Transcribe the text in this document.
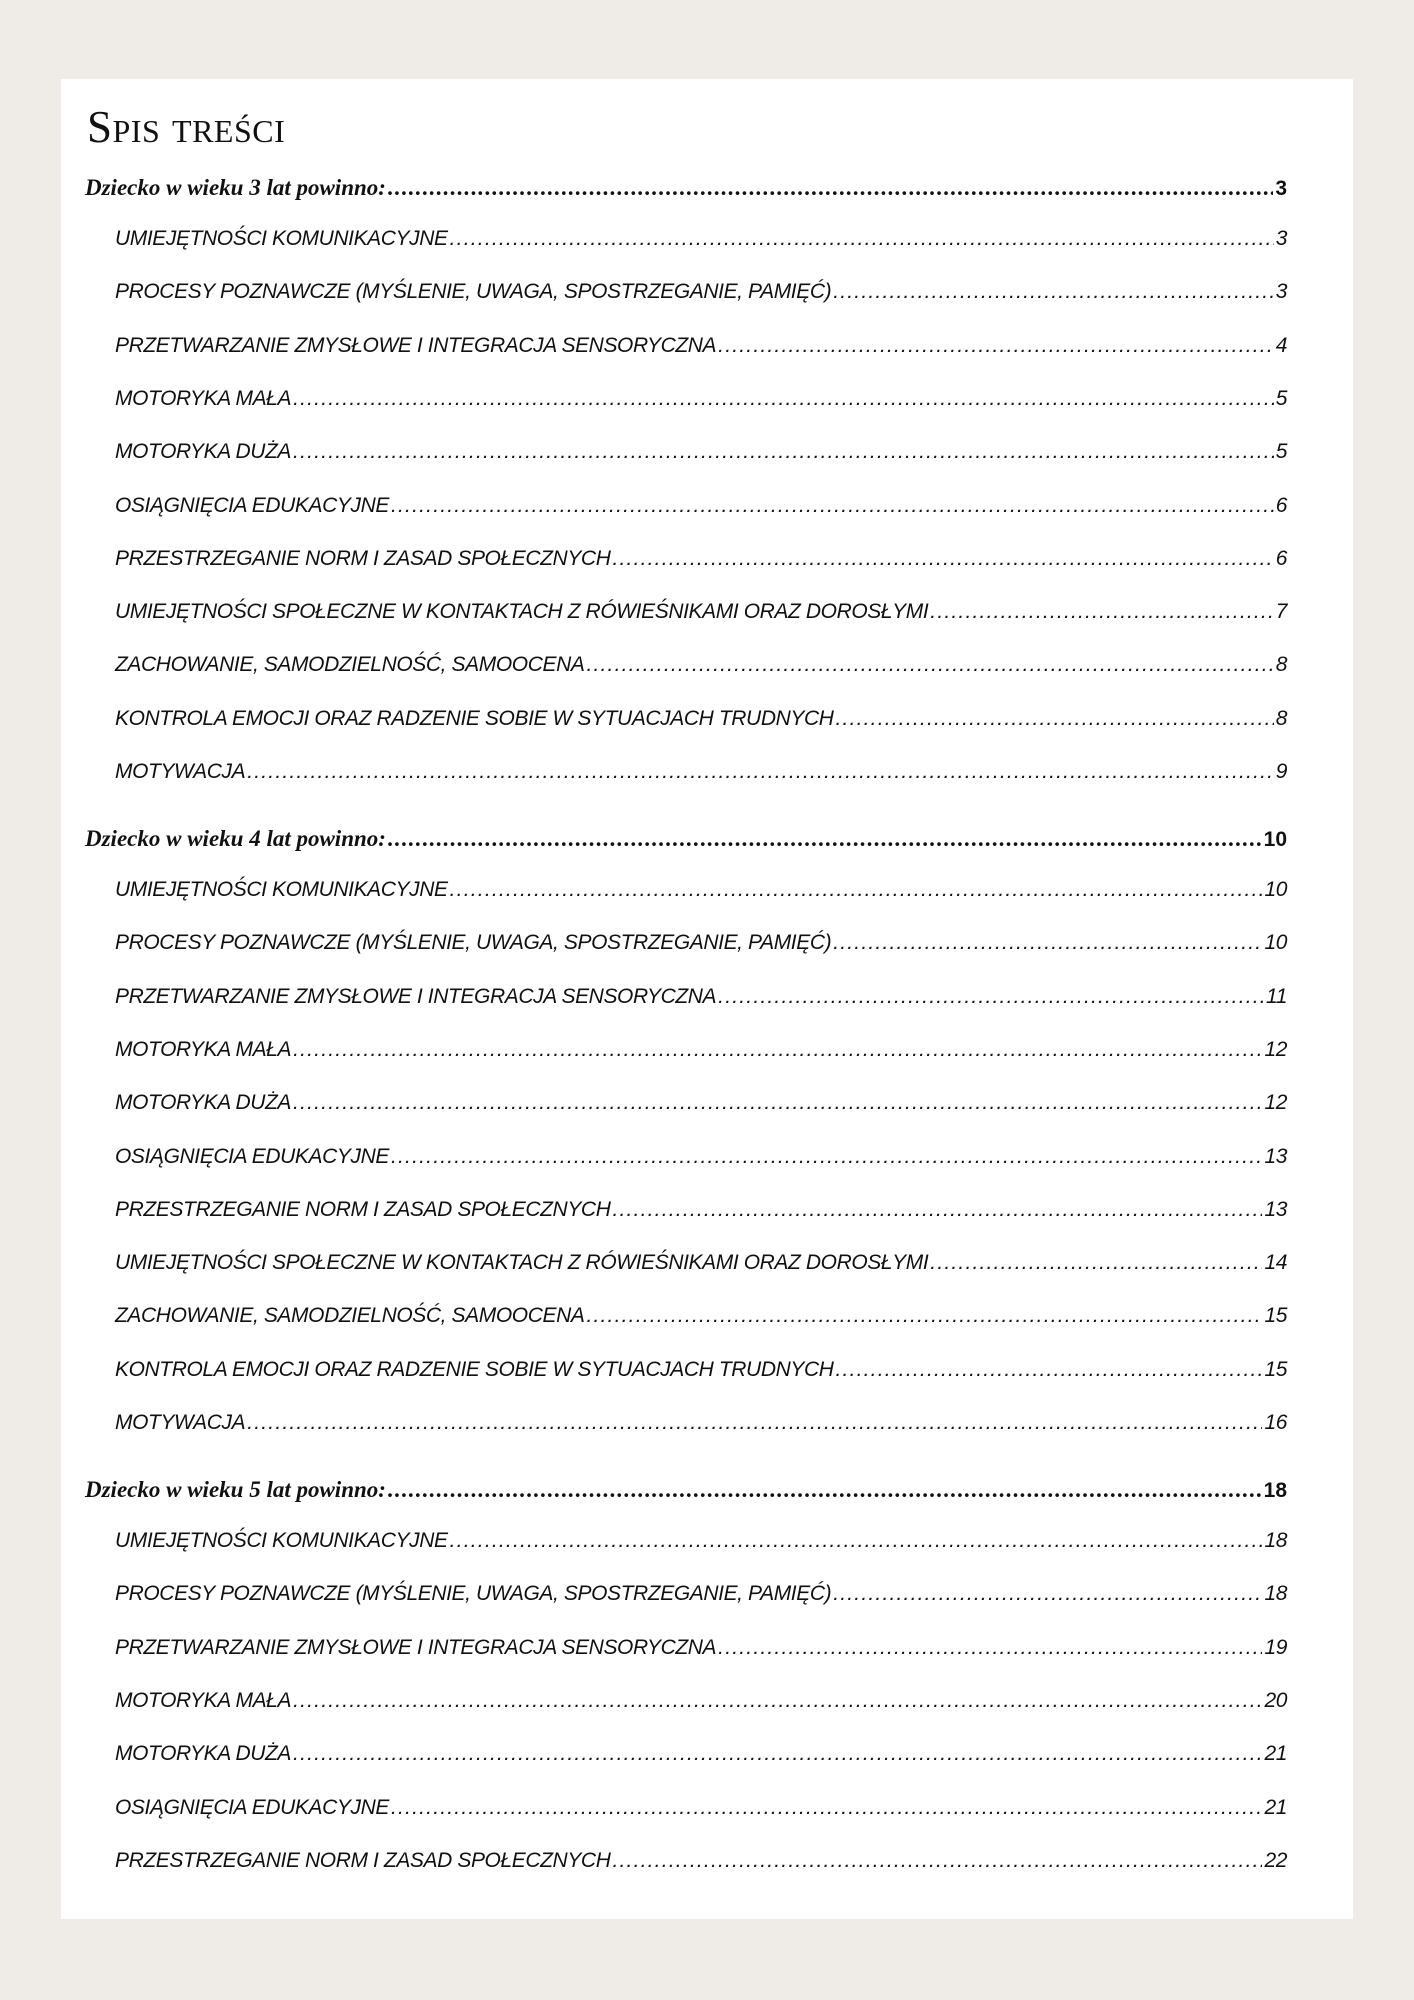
Spis treści
Dziecko w wieku 3 lat powinno: .....	3
UMIEJĘTNOŚCI KOMUNIKACYJNE .....	3
PROCESY POZNAWCZE (MYŚLENIE, UWAGA, SPOSTRZEGANIE, PAMIĘĆ) .....	3
PRZETWARZANIE ZMYSŁOWE I INTEGRACJA SENSORYCZNA .....	4
MOTORYKA MAŁA .....	5
MOTORYKA DUŻA .....	5
OSIĄGNIĘCIA EDUKACYJNE .....	6
PRZESTRZEGANIE NORM I ZASAD SPOŁECZNYCH .....	6
UMIEJĘTNOŚCI SPOŁECZNE W KONTAKTACH Z RÓWIEŚNIKAMI ORAZ DOROSŁYMI .....	7
ZACHOWANIE, SAMODZIELNOŚĆ, SAMOOCENA .....	8
KONTROLA EMOCJI ORAZ RADZENIE SOBIE W SYTUACJACH TRUDNYCH .....	8
MOTYWACJA .....	9
Dziecko w wieku 4 lat powinno: .....	10
UMIEJĘTNOŚCI KOMUNIKACYJNE .....	10
PROCESY POZNAWCZE (MYŚLENIE, UWAGA, SPOSTRZEGANIE, PAMIĘĆ) .....	10
PRZETWARZANIE ZMYSŁOWE I INTEGRACJA SENSORYCZNA .....	11
MOTORYKA MAŁA .....	12
MOTORYKA DUŻA .....	12
OSIĄGNIĘCIA EDUKACYJNE .....	13
PRZESTRZEGANIE NORM I ZASAD SPOŁECZNYCH .....	13
UMIEJĘTNOŚCI SPOŁECZNE W KONTAKTACH Z RÓWIEŚNIKAMI ORAZ DOROSŁYMI .....	14
ZACHOWANIE, SAMODZIELNOŚĆ, SAMOOCENA .....	15
KONTROLA EMOCJI ORAZ RADZENIE SOBIE W SYTUACJACH TRUDNYCH .....	15
MOTYWACJA .....	16
Dziecko w wieku 5 lat powinno: .....	18
UMIEJĘTNOŚCI KOMUNIKACYJNE .....	18
PROCESY POZNAWCZE (MYŚLENIE, UWAGA, SPOSTRZEGANIE, PAMIĘĆ) .....	18
PRZETWARZANIE ZMYSŁOWE I INTEGRACJA SENSORYCZNA .....	19
MOTORYKA MAŁA .....	20
MOTORYKA DUŻA .....	21
OSIĄGNIĘCIA EDUKACYJNE .....	21
PRZESTRZEGANIE NORM I ZASAD SPOŁECZNYCH .....	22
